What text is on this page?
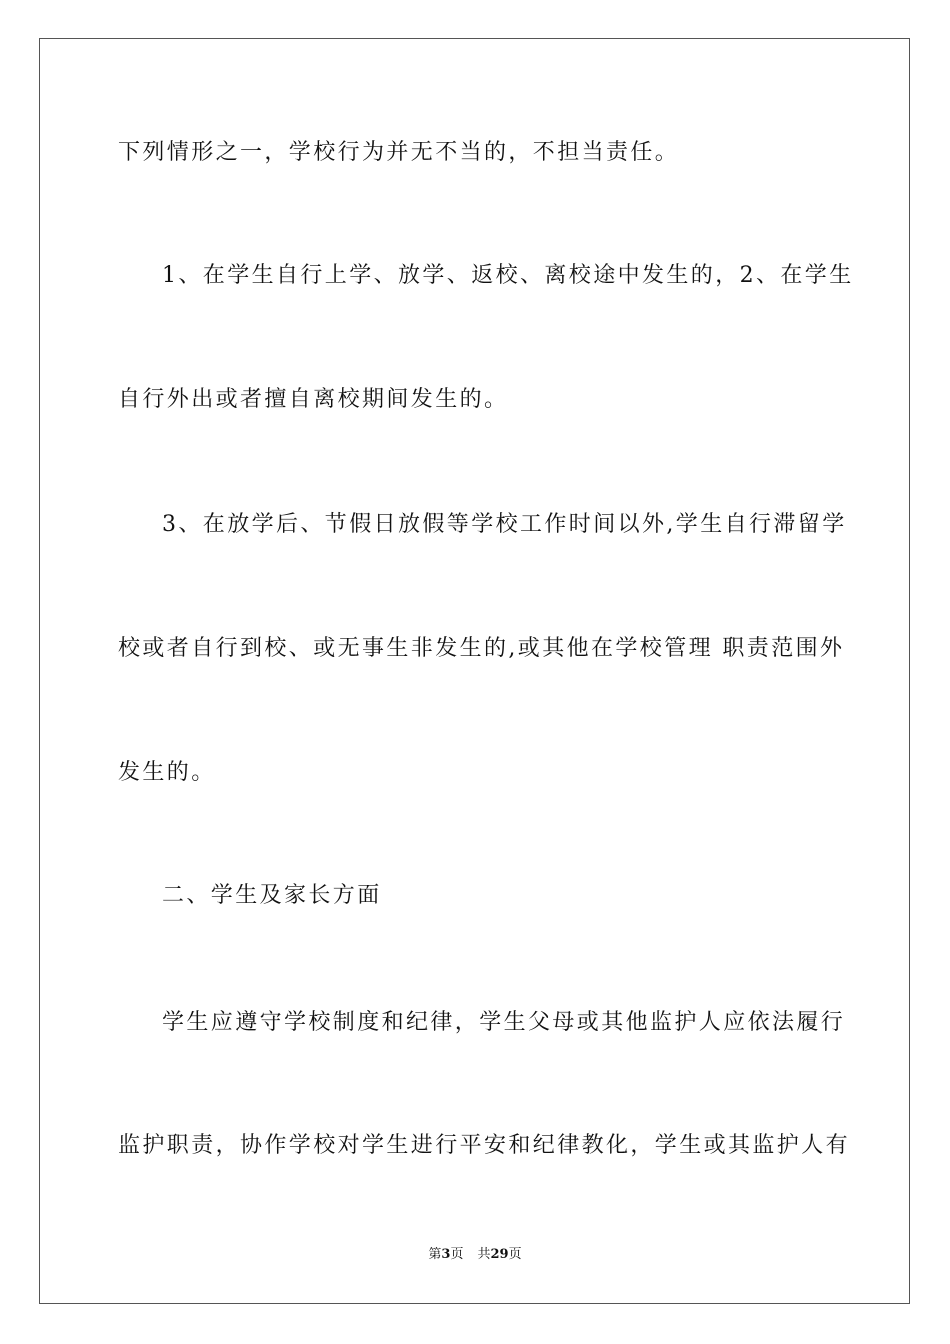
下列情形之一，学校行为并无不当的，不担当责任。
1、在学生自行上学、放学、返校、离校途中发生的，2、在学生
自行外出或者擅自离校期间发生的。
3、在放学后、节假日放假等学校工作时间以外,学生自行滞留学
校或者自行到校、或无事生非发生的,或其他在学校管理 职责范围外
发生的。
二、学生及家长方面
学生应遵守学校制度和纪律，学生父母或其他监护人应依法履行
监护职责，协作学校对学生进行平安和纪律教化，学生或其监护人有
第3页 共29页
